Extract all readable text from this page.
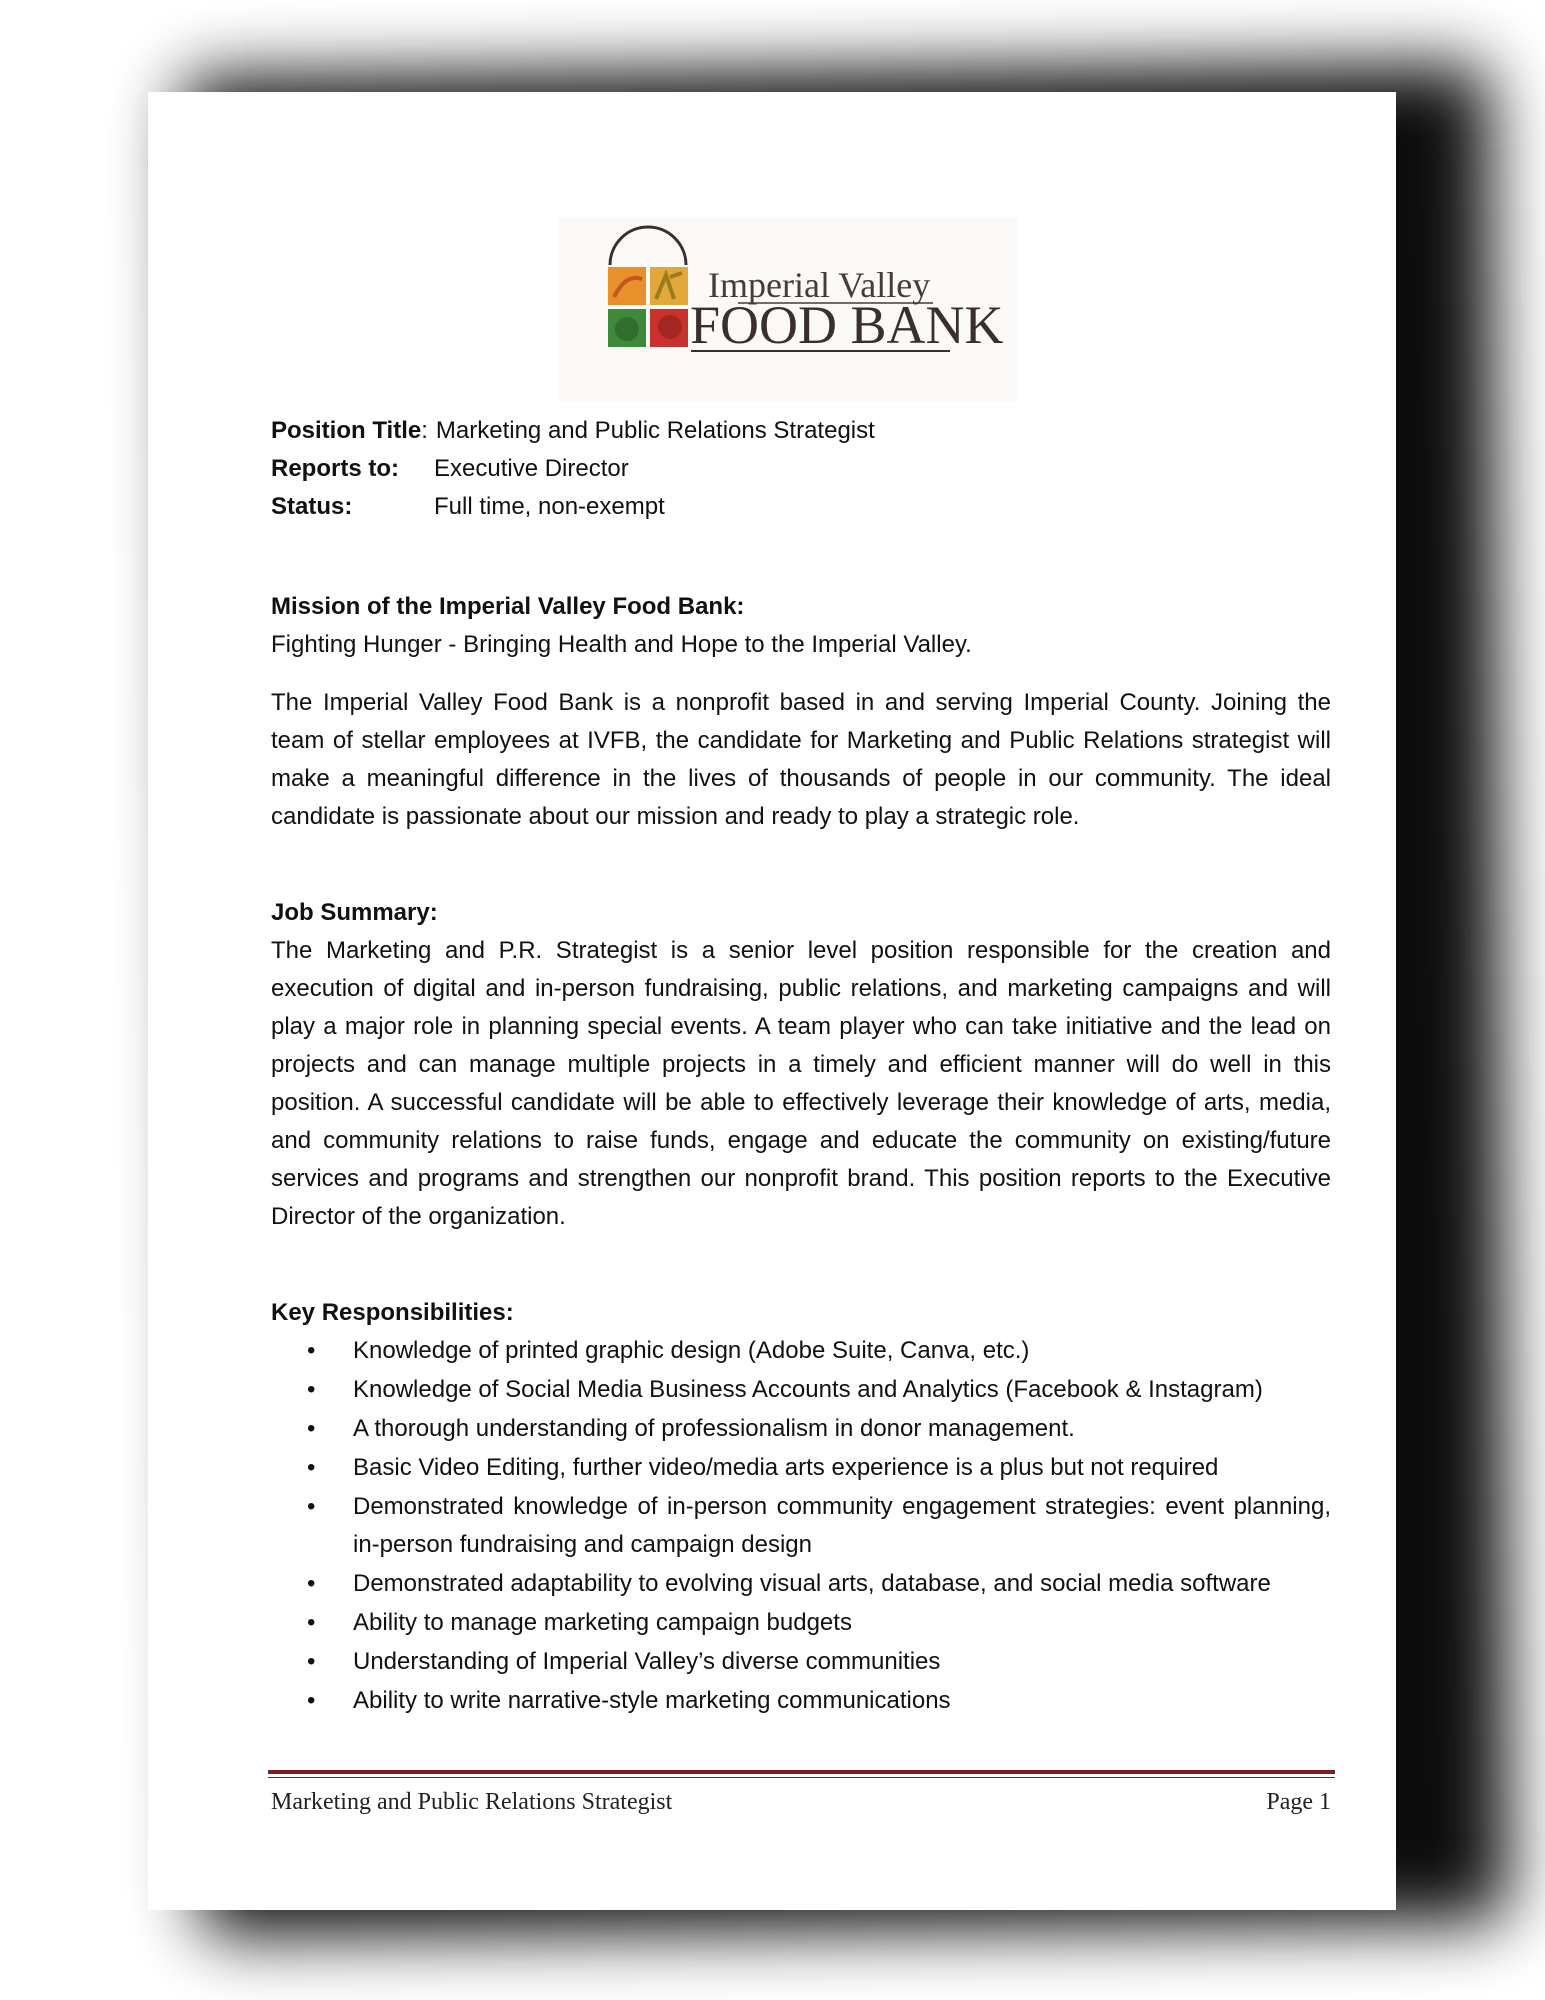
Imperial Valley
FOOD BANK
Position Title: Marketing and Public Relations Strategist
Reports to:	Executive Director
Status:	Full time, non-exempt
Mission of the Imperial Valley Food Bank:

Fighting Hunger - Bringing Health and Hope to the Imperial Valley.

The Imperial Valley Food Bank is a nonprofit based in and serving Imperial County. Joining the team of stellar employees at IVFB, the candidate for Marketing and Public Relations strategist will make a meaningful difference in the lives of thousands of people in our community. The ideal candidate is passionate about our mission and ready to play a strategic role.

Job Summary:

The Marketing and P.R. Strategist is a senior level position responsible for the creation and execution of digital and in-person fundraising, public relations, and marketing campaigns and will play a major role in planning special events. A team player who can take initiative and the lead on projects and can manage multiple projects in a timely and efficient manner will do well in this position. A successful candidate will be able to effectively leverage their knowledge of arts, media, and community relations to raise funds, engage and educate the community on existing/future services and programs and strengthen our nonprofit brand. This position reports to the Executive Director of the organization.

Key Responsibilities:
• Knowledge of printed graphic design (Adobe Suite, Canva, etc.)
• Knowledge of Social Media Business Accounts and Analytics (Facebook & Instagram)
• A thorough understanding of professionalism in donor management.
• Basic Video Editing, further video/media arts experience is a plus but not required
• Demonstrated knowledge of in-person community engagement strategies: event planning, in-person fundraising and campaign design
• Demonstrated adaptability to evolving visual arts, database, and social media software
• Ability to manage marketing campaign budgets
• Understanding of Imperial Valley’s diverse communities
• Ability to write narrative-style marketing communications
Marketing and Public Relations Strategist	Page 1
